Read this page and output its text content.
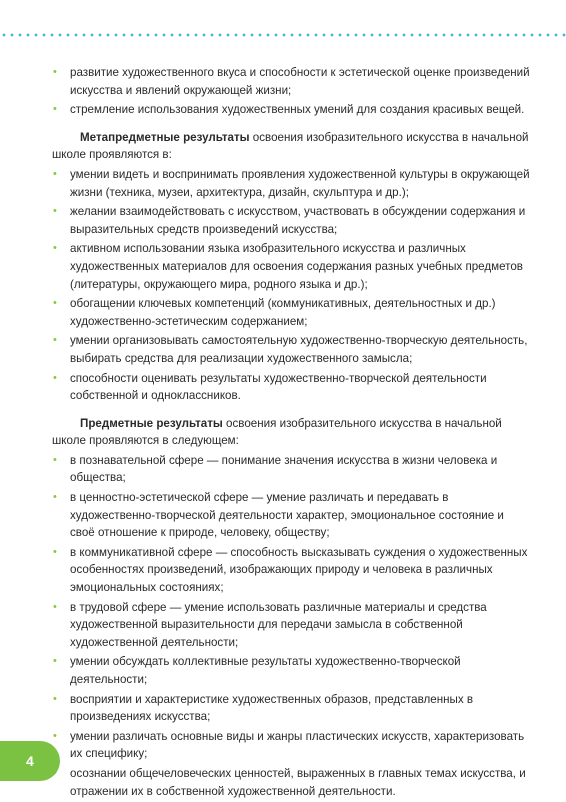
• развитие художественного вкуса и способности к эстетической оценке произведений искусства и явлений окружающей жизни;
• стремление использования художественных умений для создания красивых вещей.

Метапредметные результаты освоения изобразительного искусства в начальной школе проявляются в:

• умении видеть и воспринимать проявления художественной культуры в окружающей жизни (техника, музеи, архитектура, дизайн, скульптура и др.);
• желании взаимодействовать с искусством, участвовать в обсуждении содержания и выразительных средств произведений искусства;
• активном использовании языка изобразительного искусства и различных художественных материалов для освоения содержания разных учебных предметов (литературы, окружающего мира, родного языка и др.);
• обогащении ключевых компетенций (коммуникативных, деятельностных и др.) художественно-эстетическим содержанием;
• умении организовывать самостоятельную художественно-творческую деятельность, выбирать средства для реализации художественного замысла;
• способности оценивать результаты художественно-творческой деятельности собственной и одноклассников.

Предметные результаты освоения изобразительного искусства в начальной школе проявляются в следующем:

• в познавательной сфере — понимание значения искусства в жизни человека и общества;
• в ценностно-эстетической сфере — умение различать и передавать в художественно-творческой деятельности характер, эмоциональное состояние и своё отношение к природе, человеку, обществу;
• в коммуникативной сфере — способность высказывать суждения о художественных особенностях произведений, изображающих природу и человека в различных эмоциональных состояниях;
• в трудовой сфере — умение использовать различные материалы и средства художественной выразительности для передачи замысла в собственной художественной деятельности;
• умении обсуждать коллективные результаты художественно-творческой деятельности;
• восприятии и характеристике художественных образов, представленных в произведениях искусства;
• умении различать основные виды и жанры пластических искусств, характеризовать их специфику;
осознании общечеловеческих ценностей, выраженных в главных темах искусства, и отражении их в собственной художественной деятельности.
4
